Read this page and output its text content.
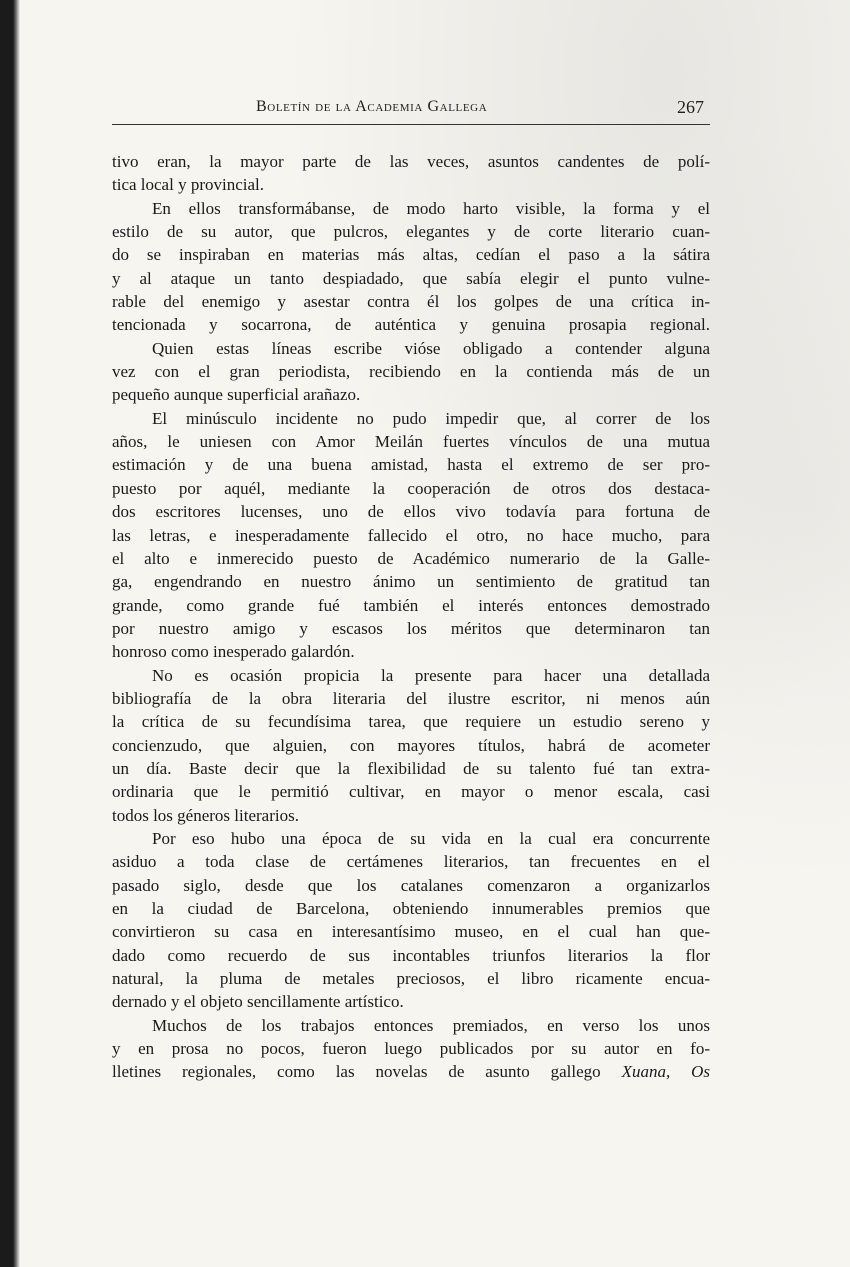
Boletín de la Academia Gallega	267
tivo eran, la mayor parte de las veces, asuntos candentes de polí-
tica local y provincial.
En ellos transformábanse, de modo harto visible, la forma y el
estilo de su autor, que pulcros, elegantes y de corte literario cuan-
do se inspiraban en materias más altas, cedían el paso a la sátira
y al ataque un tanto despiadado, que sabía elegir el punto vulne-
rable del enemigo y asestar contra él los golpes de una crítica in-
tencionada y socarrona, de auténtica y genuina prosapia regional.
Quien estas líneas escribe vióse obligado a contender alguna
vez con el gran periodista, recibiendo en la contienda más de un
pequeño aunque superficial arañazo.
El minúsculo incidente no pudo impedir que, al correr de los
años, le uniesen con Amor Meilán fuertes vínculos de una mutua
estimación y de una buena amistad, hasta el extremo de ser pro-
puesto por aquél, mediante la cooperación de otros dos destaca-
dos escritores lucenses, uno de ellos vivo todavía para fortuna de
las letras, e inesperadamente fallecido el otro, no hace mucho, para
el alto e inmerecido puesto de Académico numerario de la Galle-
ga, engendrando en nuestro ánimo un sentimiento de gratitud tan
grande, como grande fué también el interés entonces demostrado
por nuestro amigo y escasos los méritos que determinaron tan
honroso como inesperado galardón.
No es ocasión propicia la presente para hacer una detallada
bibliografía de la obra literaria del ilustre escritor, ni menos aún
la crítica de su fecundísima tarea, que requiere un estudio sereno y
concienzudo, que alguien, con mayores títulos, habrá de acometer
un día. Baste decir que la flexibilidad de su talento fué tan extra-
ordinaria que le permitió cultivar, en mayor o menor escala, casi
todos los géneros literarios.
Por eso hubo una época de su vida en la cual era concurrente
asiduo a toda clase de certámenes literarios, tan frecuentes en el
pasado siglo, desde que los catalanes comenzaron a organizarlos
en la ciudad de Barcelona, obteniendo innumerables premios que
convirtieron su casa en interesantísimo museo, en el cual han que-
dado como recuerdo de sus incontables triunfos literarios la flor
natural, la pluma de metales preciosos, el libro ricamente encua-
dernado y el objeto sencillamente artístico.
Muchos de los trabajos entonces premiados, en verso los unos
y en prosa no pocos, fueron luego publicados por su autor en fo-
lletines regionales, como las novelas de asunto gallego Xuana, Os
